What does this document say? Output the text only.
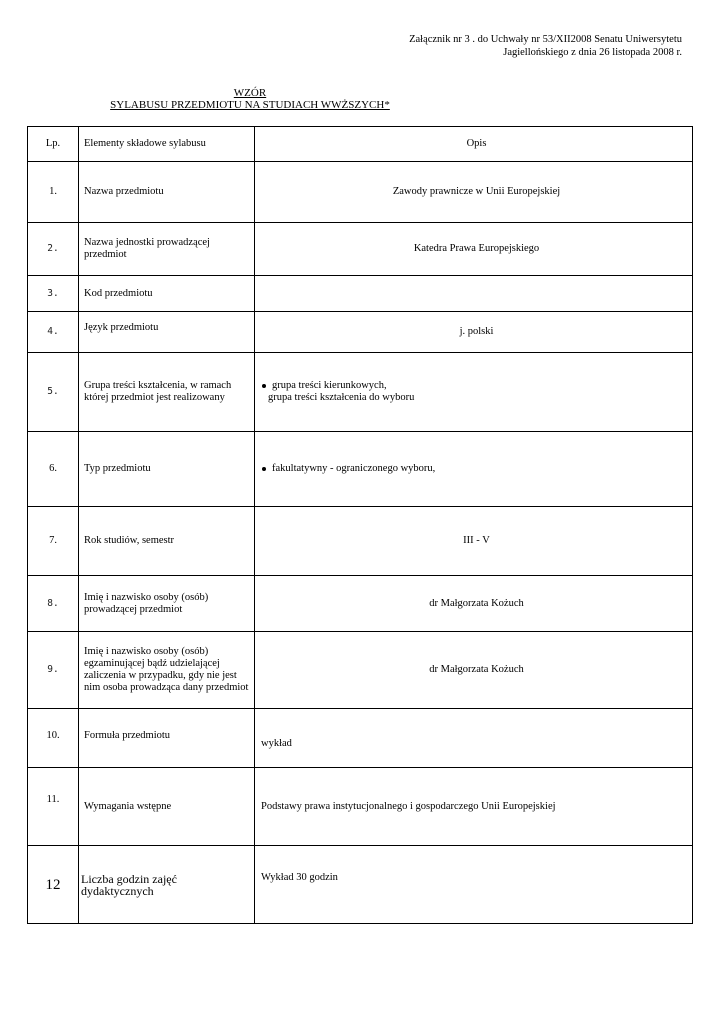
Załącznik nr 3 . do Uchwały nr 53/XII2008 Senatu Uniwersytetu
Jagiellońskiego z dnia 26 listopada 2008 r.
WZÓR
SYLABUSU PRZEDMIOTU NA STUDIACH WWŻSZYCH*
Lp.	Elementy składowe sylabusu	Opis
1.	Nazwa przedmiotu	Zawody prawnicze w Unii Europejskiej
2.	Nazwa jednostki prowadzącej przedmiot	Katedra Prawa Europejskiego
3.	Kod przedmiotu	
4.	Język przedmiotu	j. polski
5.	Grupa treści kształcenia, w ramach której przedmiot jest realizowany	grupa treści kierunkowych,
grupa treści kształcenia do wyboru

6.	Typ przedmiotu	fakultatywny - ograniczonego wyboru,
7.	Rok studiów, semestr	III - V
8.	Imię i nazwisko osoby (osób) prowadzącej przedmiot	dr Małgorzata Kożuch
9.	Imię i nazwisko osoby (osób) egzaminującej bądź udzielającej zaliczenia w przypadku, gdy nie jest nim osoba prowadząca dany przedmiot	dr Małgorzata Kożuch
10.	Formuła przedmiotu	wykład
11.	Wymagania wstępne	Podstawy prawa instytucjonalnego i gospodarczego Unii Europejskiej
12	Liczba godzin zajęć dydaktycznych	Wykład 30 godzin
